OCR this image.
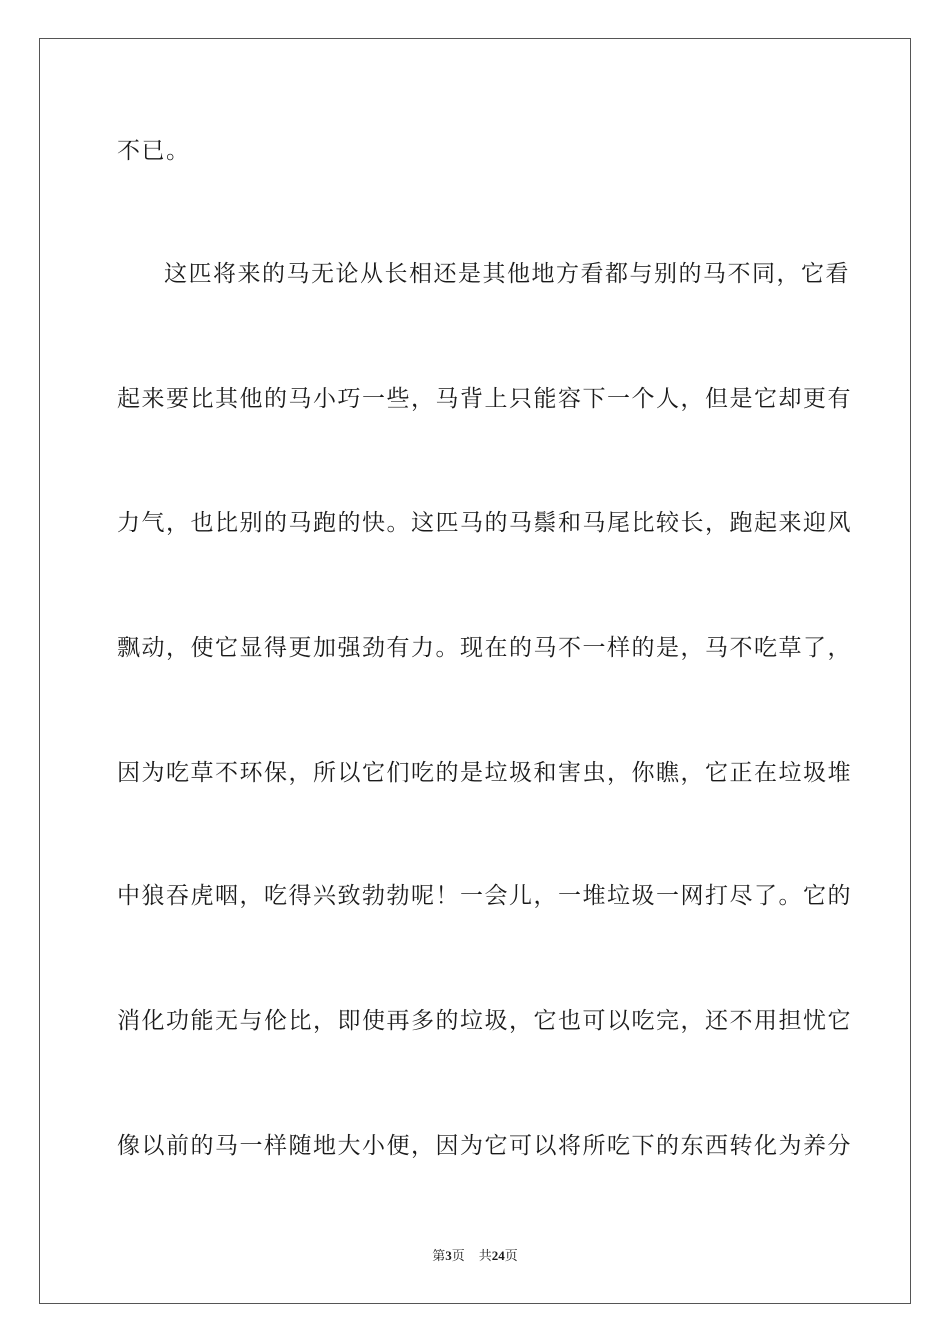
不已。
这匹将来的马无论从长相还是其他地方看都与别的马不同，它看
起来要比其他的马小巧一些，马背上只能容下一个人，但是它却更有
力气，也比别的马跑的快。这匹马的马鬃和马尾比较长，跑起来迎风
飘动，使它显得更加强劲有力。现在的马不一样的是，马不吃草了，
因为吃草不环保，所以它们吃的是垃圾和害虫，你瞧，它正在垃圾堆
中狼吞虎咽，吃得兴致勃勃呢！一会儿，一堆垃圾一网打尽了。它的
消化功能无与伦比，即使再多的垃圾，它也可以吃完，还不用担忧它
像以前的马一样随地大小便，因为它可以将所吃下的东西转化为养分
第3页 共24页
